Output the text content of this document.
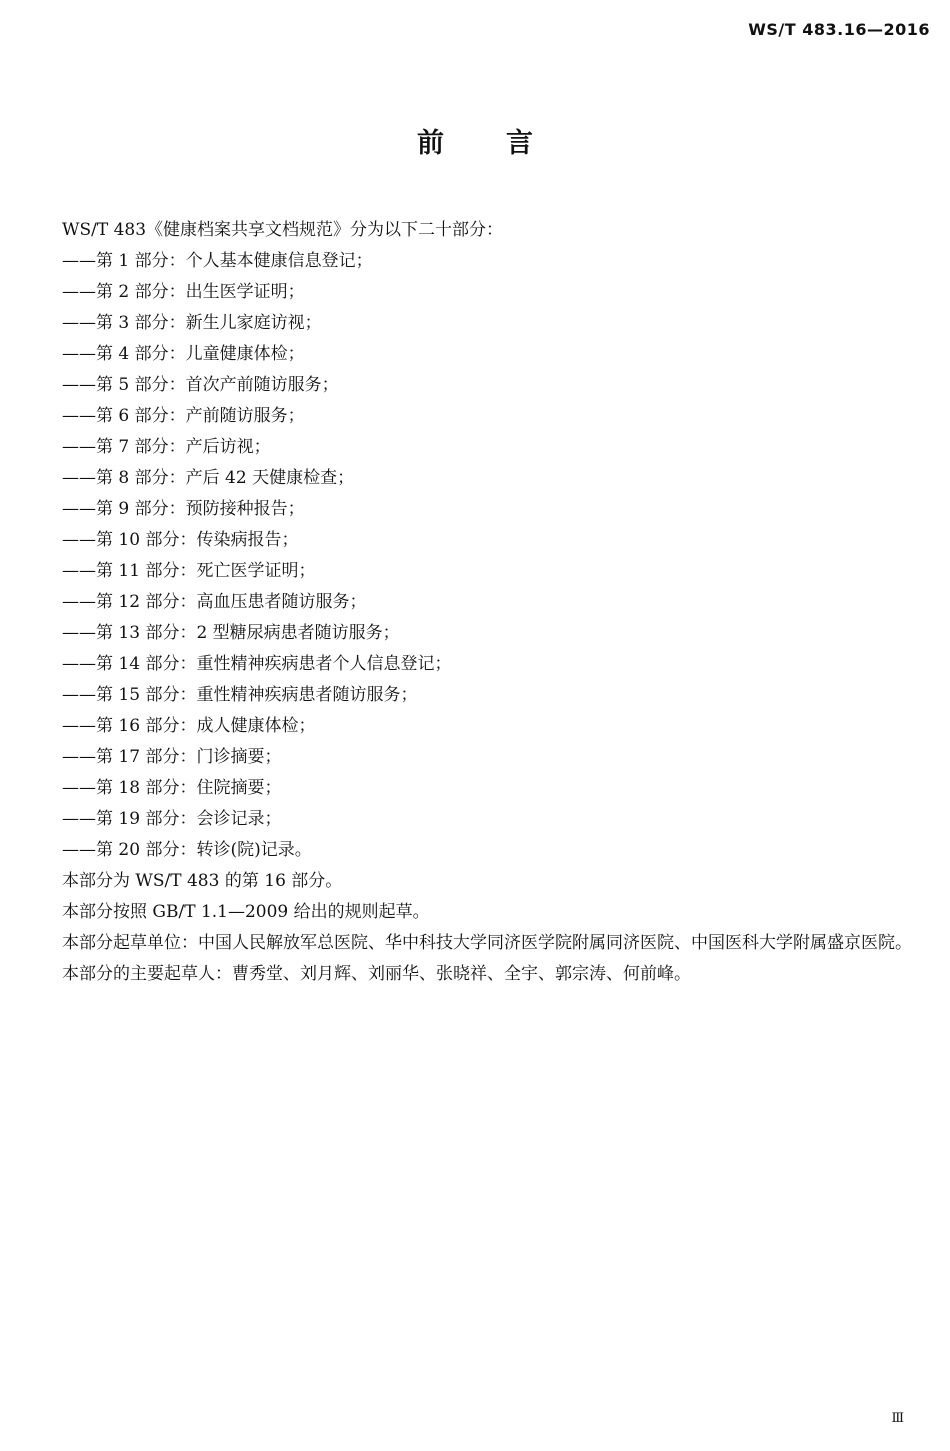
WS/T 483.16—2016
前言

WS/T 483《健康档案共享文档规范》分为以下二十部分：

——第 1 部分：个人基本健康信息登记；

——第 2 部分：出生医学证明；

——第 3 部分：新生儿家庭访视；

——第 4 部分：儿童健康体检；

——第 5 部分：首次产前随访服务；

——第 6 部分：产前随访服务；

——第 7 部分：产后访视；

——第 8 部分：产后 42 天健康检查；

——第 9 部分：预防接种报告；

——第 10 部分：传染病报告；

——第 11 部分：死亡医学证明；

——第 12 部分：高血压患者随访服务；

——第 13 部分：2 型糖尿病患者随访服务；

——第 14 部分：重性精神疾病患者个人信息登记；

——第 15 部分：重性精神疾病患者随访服务；

——第 16 部分：成人健康体检；

——第 17 部分：门诊摘要；

——第 18 部分：住院摘要；

——第 19 部分：会诊记录；

——第 20 部分：转诊(院)记录。

本部分为 WS/T 483 的第 16 部分。

本部分按照 GB/T 1.1—2009 给出的规则起草。

本部分起草单位：中国人民解放军总医院、华中科技大学同济医学院附属同济医院、中国医科大学附属盛京医院。

本部分的主要起草人：曹秀堂、刘月辉、刘丽华、张晓祥、全宇、郭宗涛、何前峰。

Ⅲ
